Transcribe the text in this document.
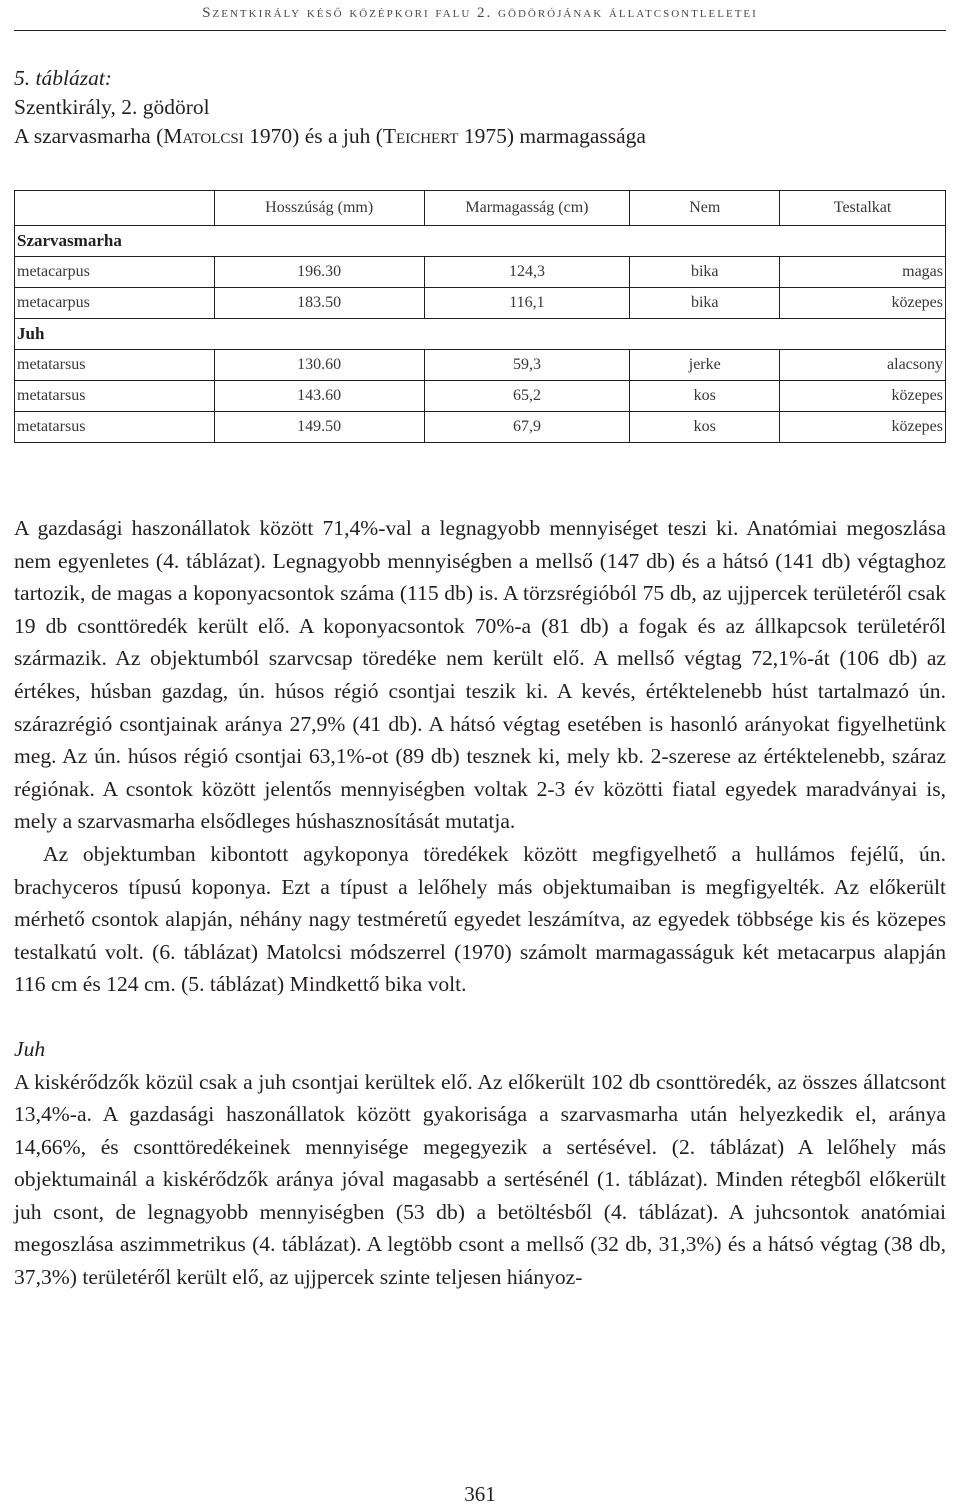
Szentkirály késő középkori falu 2. gödörójának állatcsontleletei
5. táblázat:
Szentkirály, 2. gödörol
A szarvasmarha (Matolcsi 1970) és a juh (Teichert 1975) marmagassága
	Hosszúság (mm)	Marmagasság (cm)	Nem	Testalkat
Szarvasmarha				
metacarpus	196.30	124,3	bika	magas
metacarpus	183.50	116,1	bika	közepes
Juh				
metatarsus	130.60	59,3	jerke	alacsony
metatarsus	143.60	65,2	kos	közepes
metatarsus	149.50	67,9	kos	közepes

A gazdasági haszonállatok között 71,4%-val a legnagyobb mennyiséget teszi ki. Anatómiai megoszlása nem egyenletes (4. táblázat). Legnagyobb mennyiségben a mellső (147 db) és a hátsó (141 db) végtaghoz tartozik, de magas a koponyacsontok száma (115 db) is. A törzsrégióból 75 db, az ujjpercek területéről csak 19 db csonttöredék került elő. A koponyacsontok 70%-a (81 db) a fogak és az állkapcsok területéről származik. Az objektumból szarvcsap töredéke nem került elő. A mellső végtag 72,1%-át (106 db) az értékes, húsban gazdag, ún. húsos régió csontjai teszik ki. A kevés, értéktelenebb húst tartalmazó ún. szárazrégió csontjainak aránya 27,9% (41 db). A hátsó végtag esetében is hasonló arányokat figyelhetünk meg. Az ún. húsos régió csontjai 63,1%-ot (89 db) tesznek ki, mely kb. 2-szerese az értéktelenebb, száraz régiónak. A csontok között jelentős mennyiségben voltak 2-3 év közötti fiatal egyedek maradványai is, mely a szarvasmarha elsődleges húshasznosítását mutatja.

Az objektumban kibontott agykoponya töredékek között megfigyelhető a hullámos fejélű, ún. brachyceros típusú koponya. Ezt a típust a lelőhely más objektumaiban is megfigyelték. Az előkerült mérhető csontok alapján, néhány nagy testméretű egyedet leszámítva, az egyedek többsége kis és közepes testalkatú volt. (6. táblázat) Matolcsi módszerrel (1970) számolt marmagasságuk két metacarpus alapján 116 cm és 124 cm. (5. táblázat) Mindkettő bika volt.

Juh

A kiskérődzők közül csak a juh csontjai kerültek elő. Az előkerült 102 db csonttöredék, az összes állatcsont 13,4%-a. A gazdasági haszonállatok között gyakorisága a szarvasmarha után helyezkedik el, aránya 14,66%, és csonttöredékeinek mennyisége megegyezik a sertésével. (2. táblázat) A lelőhely más objektumainál a kiskérődzők aránya jóval magasabb a sertésénél (1. táblázat). Minden rétegből előkerült juh csont, de legnagyobb mennyiségben (53 db) a betöltésből (4. táblázat). A juhcsontok anatómiai megoszlása aszimmetrikus (4. táblázat). A legtöbb csont a mellső (32 db, 31,3%) és a hátsó végtag (38 db, 37,3%) területéről került elő, az ujjpercek szinte teljesen hiányoz-

361
